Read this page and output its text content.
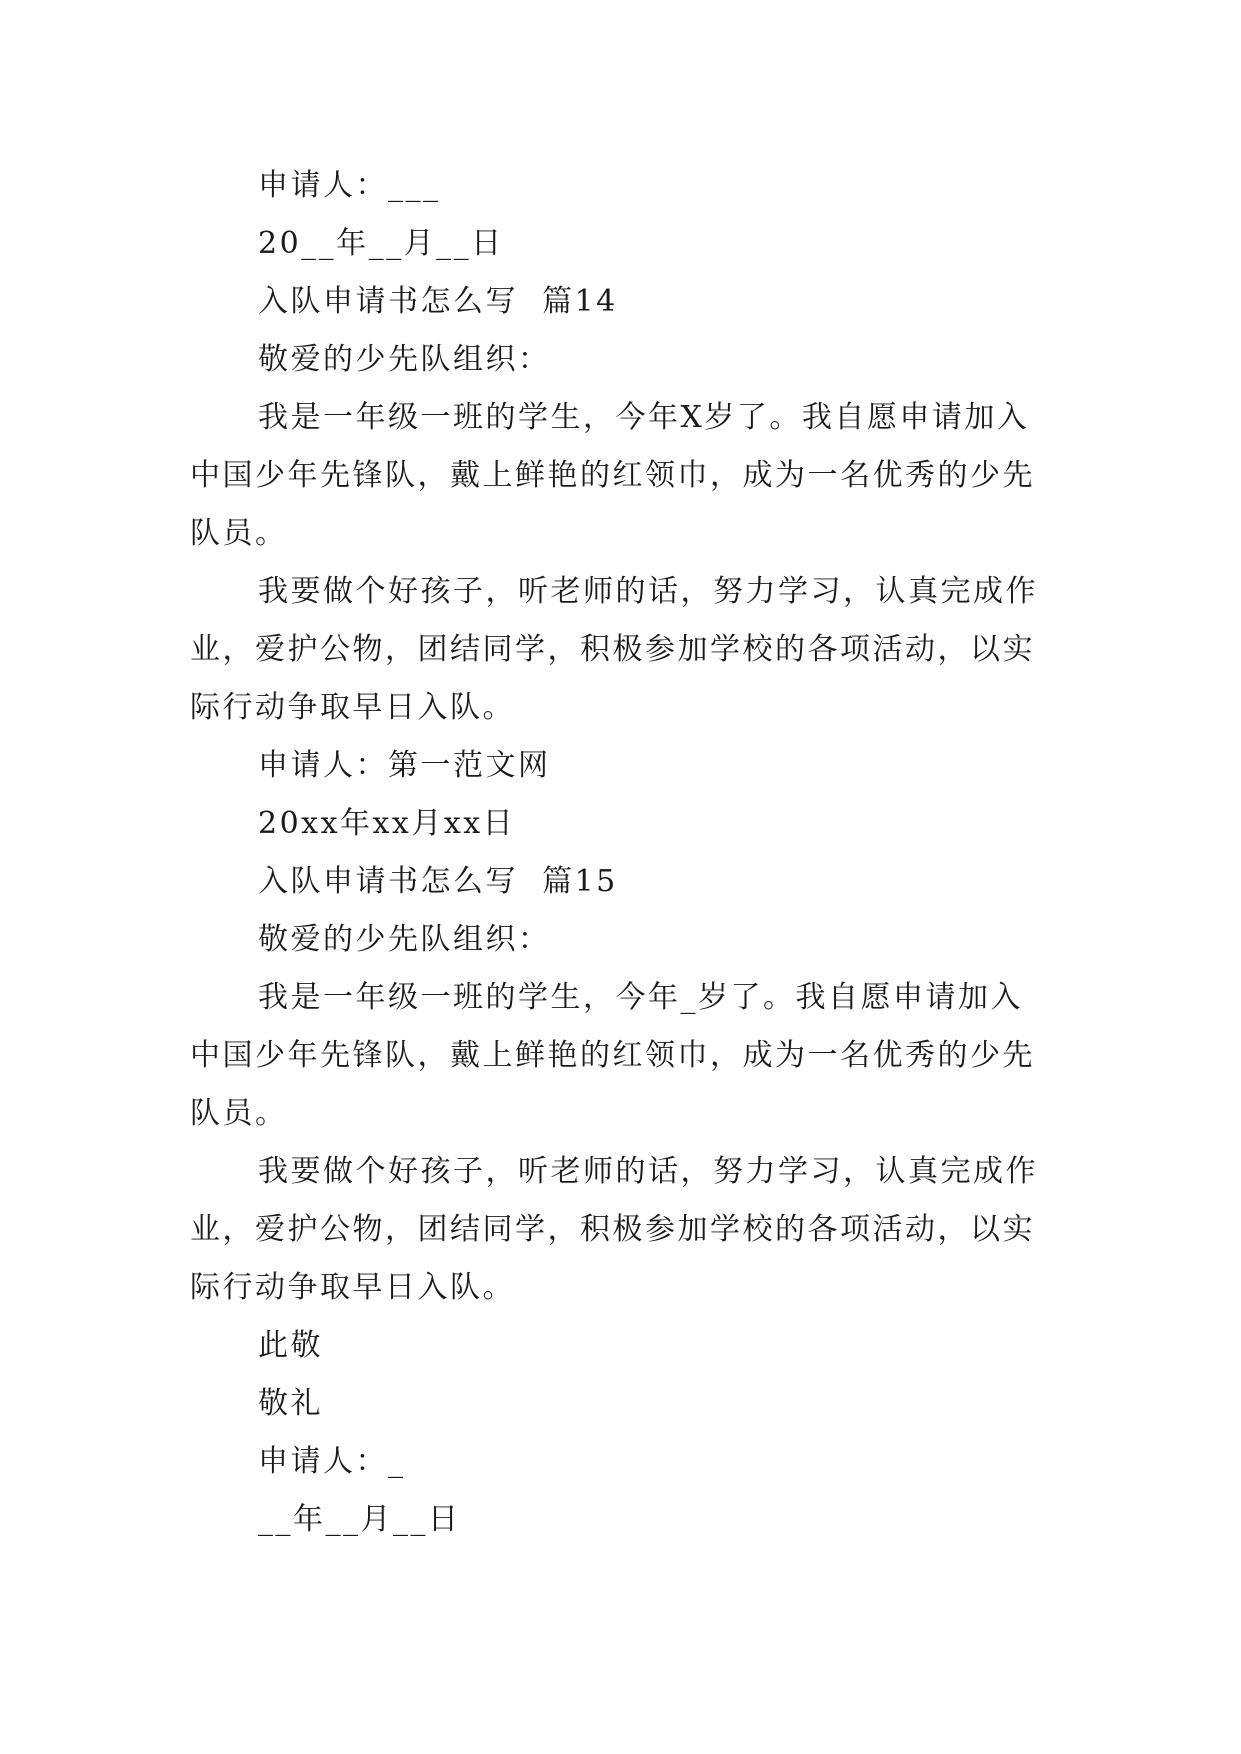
申请人：___
20__年__月__日
入队申请书怎么写  篇14
敬爱的少先队组织：
我是一年级一班的学生，今年X岁了。我自愿申请加入
中国少年先锋队，戴上鲜艳的红领巾，成为一名优秀的少先
队员。
我要做个好孩子，听老师的话，努力学习，认真完成作
业，爱护公物，团结同学，积极参加学校的各项活动，以实
际行动争取早日入队。
申请人：第一范文网
20xx年xx月xx日
入队申请书怎么写  篇15
敬爱的少先队组织：
我是一年级一班的学生，今年_岁了。我自愿申请加入
中国少年先锋队，戴上鲜艳的红领巾，成为一名优秀的少先
队员。
我要做个好孩子，听老师的话，努力学习，认真完成作
业，爱护公物，团结同学，积极参加学校的各项活动，以实
际行动争取早日入队。
此敬
敬礼
申请人：_
__年__月__日
